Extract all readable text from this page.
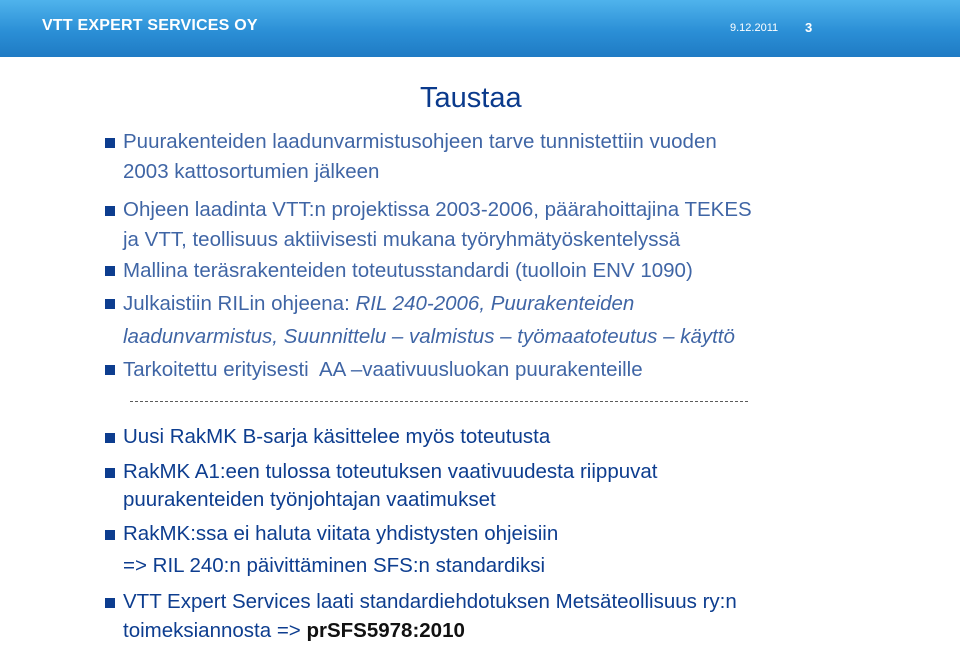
VTT EXPERT SERVICES OY	9.12.2011 3
Taustaa
Puurakenteiden laadunvarmistusohjeen tarve tunnistettiin vuoden
2003 kattosortumien jälkeen
Ohjeen laadinta VTT:n projektissa 2003-2006, päärahoittajina TEKES
ja VTT, teollisuus aktiivisesti mukana työryhmätyöskentelyssä
Mallina teräsrakenteiden toteutusstandardi (tuolloin ENV 1090)
Julkaistiin RILin ohjeena: RIL 240-2006, Puurakenteiden
laadunvarmistus, Suunnittelu – valmistus – työmaatoteutus – käyttö
Tarkoitettu erityisesti  AA –vaativuusluokan puurakenteille
Uusi RakMK B-sarja käsittelee myös toteutusta
RakMK A1:een tulossa toteutuksen vaativuudesta riippuvat
puurakenteiden työnjohtajan vaatimukset
RakMK:ssa ei haluta viitata yhdistysten ohjeisiin
=> RIL 240:n päivittäminen SFS:n standardiksi
VTT Expert Services laati standardiehdotuksen Metsäteollisuus ry:n
toimeksiannosta => prSFS5978:2010
